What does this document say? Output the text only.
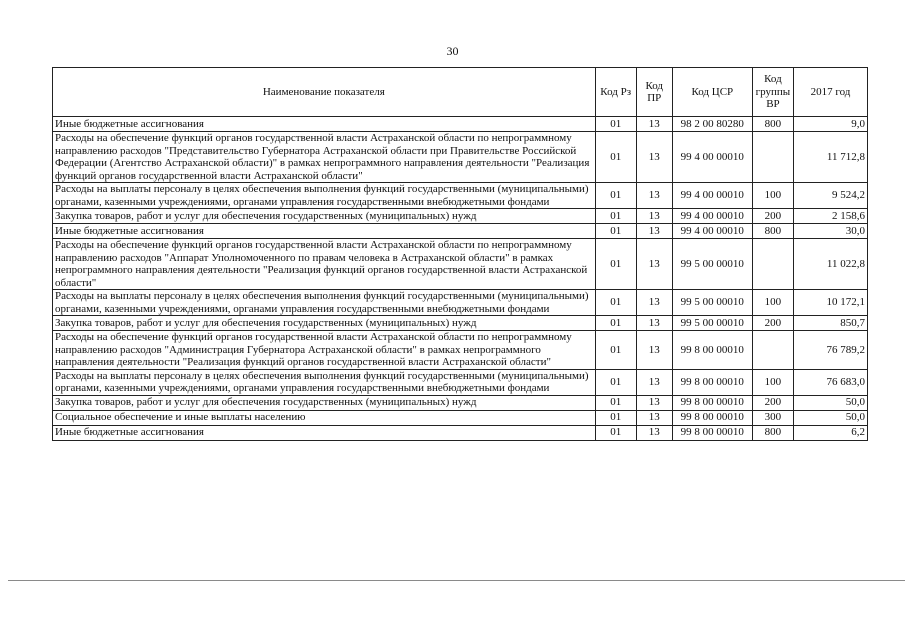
30
Наименование показателя	Код Рз	Код ПР	Код ЦСР	Код группы ВР	2017 год
Иные бюджетные ассигнования	01	13	98 2 00 80280	800	9,0
Расходы на обеспечение функций органов государственной власти Астраханской области по непрограммному направлению расходов "Представительство Губернатора Астраханской области при Правительстве Российской Федерации (Агентство Астраханской области)" в рамках непрограммного направления деятельности "Реализация функций органов государственной власти Астраханской области"	01	13	99 4 00 00010		11 712,8
Расходы на выплаты персоналу в целях обеспечения выполнения функций государственными (муниципальными) органами, казенными учреждениями, органами управления государственными внебюджетными фондами	01	13	99 4 00 00010	100	9 524,2
Закупка товаров, работ и услуг для обеспечения государственных (муниципальных) нужд	01	13	99 4 00 00010	200	2 158,6
Иные бюджетные ассигнования	01	13	99 4 00 00010	800	30,0
Расходы на обеспечение функций органов государственной власти Астраханской области по непрограммному направлению расходов "Аппарат Уполномоченного по правам человека в Астраханской области" в рамках непрограммного направления деятельности "Реализация функций органов государственной власти Астраханской области"	01	13	99 5 00 00010		11 022,8
Расходы на выплаты персоналу в целях обеспечения выполнения функций государственными (муниципальными) органами, казенными учреждениями, органами управления государственными внебюджетными фондами	01	13	99 5 00 00010	100	10 172,1
Закупка товаров, работ и услуг для обеспечения государственных (муниципальных) нужд	01	13	99 5 00 00010	200	850,7
Расходы на обеспечение функций органов государственной власти Астраханской области по непрограммному направлению расходов "Администрация Губернатора Астраханской области" в рамках непрограммного направления деятельности "Реализация функций органов государственной власти Астраханской области"	01	13	99 8 00 00010		76 789,2
Расходы на выплаты персоналу в целях обеспечения выполнения функций государственными (муниципальными) органами, казенными учреждениями, органами управления государственными внебюджетными фондами	01	13	99 8 00 00010	100	76 683,0
Закупка товаров, работ и услуг для обеспечения государственных (муниципальных) нужд	01	13	99 8 00 00010	200	50,0
Социальное обеспечение и иные выплаты населению	01	13	99 8 00 00010	300	50,0
Иные бюджетные ассигнования	01	13	99 8 00 00010	800	6,2
